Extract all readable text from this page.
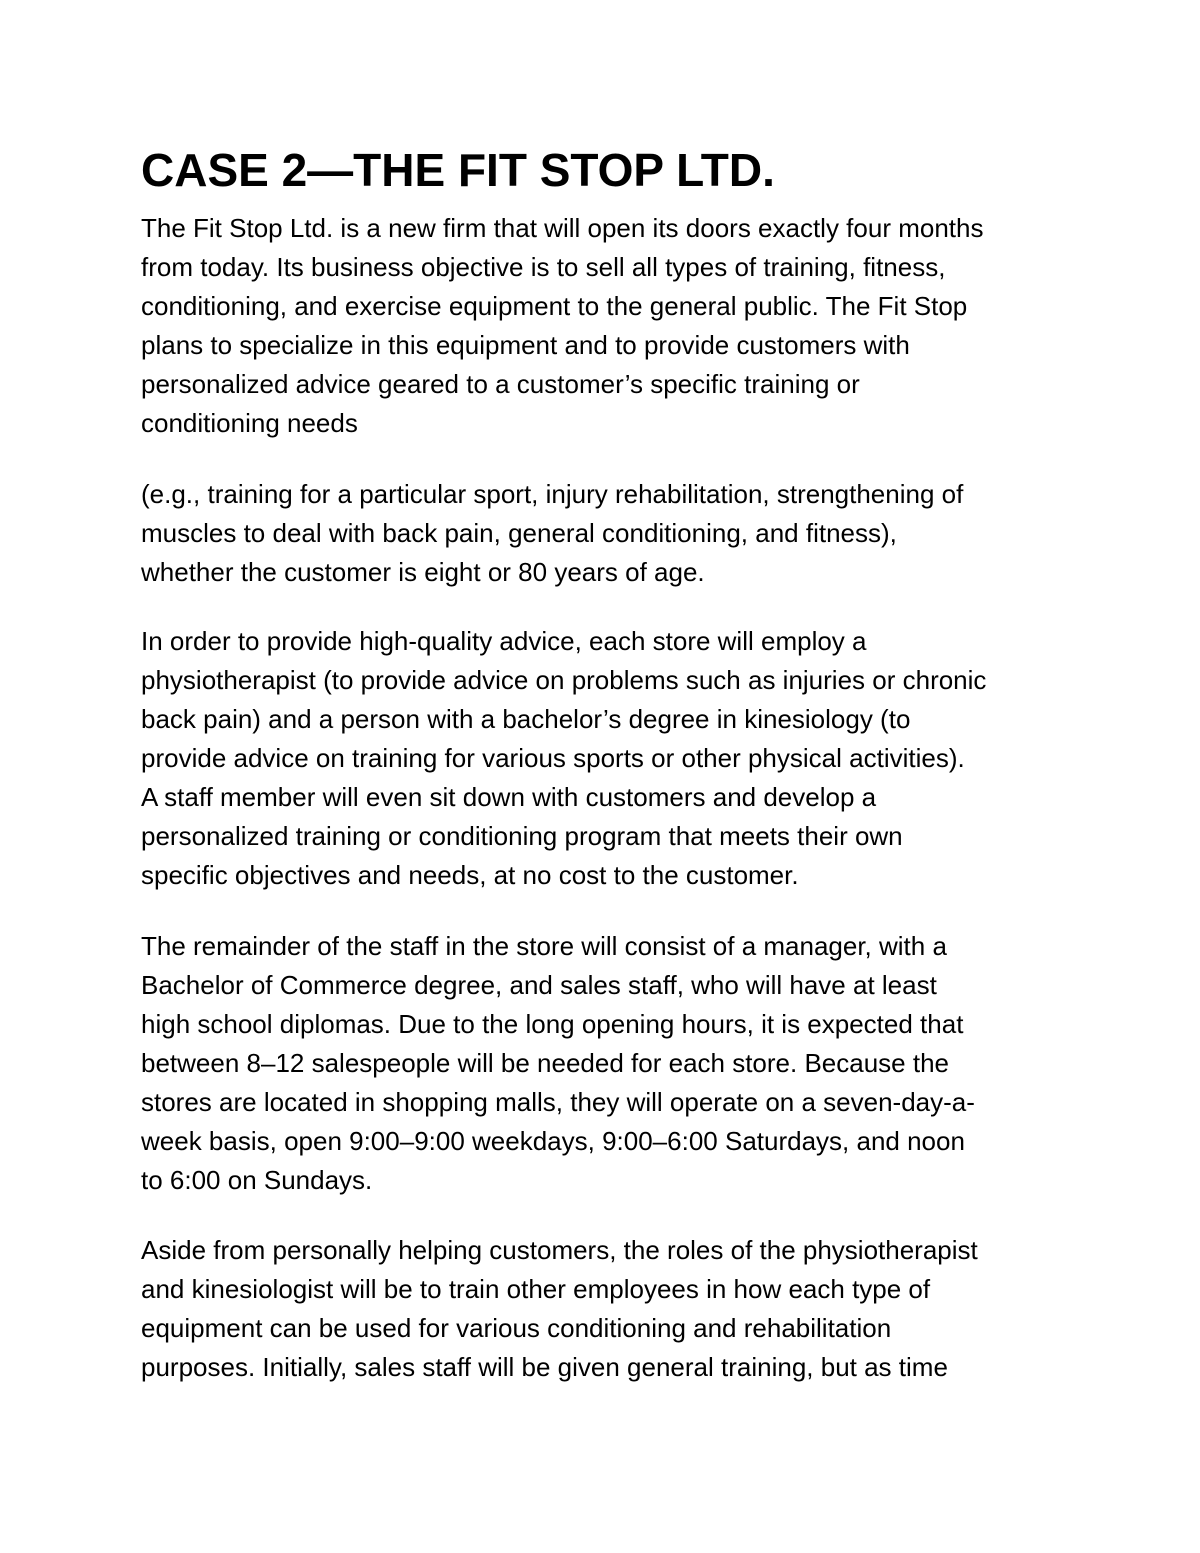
CASE 2—THE FIT STOP LTD.

The Fit Stop Ltd. is a new firm that will open its doors exactly four months
from today. Its business objective is to sell all types of training, fitness,
conditioning, and exercise equipment to the general public. The Fit Stop
plans to specialize in this equipment and to provide customers with
personalized advice geared to a customer’s specific training or
conditioning needs

(e.g., training for a particular sport, injury rehabilitation, strengthening of
muscles to deal with back pain, general conditioning, and fitness),
whether the customer is eight or 80 years of age.

In order to provide high-quality advice, each store will employ a
physiotherapist (to provide advice on problems such as injuries or chronic
back pain) and a person with a bachelor’s degree in kinesiology (to
provide advice on training for various sports or other physical activities).
A staff member will even sit down with customers and develop a
personalized training or conditioning program that meets their own
specific objectives and needs, at no cost to the customer.

The remainder of the staff in the store will consist of a manager, with a
Bachelor of Commerce degree, and sales staff, who will have at least
high school diplomas. Due to the long opening hours, it is expected that
between 8–12 salespeople will be needed for each store. Because the
stores are located in shopping malls, they will operate on a seven-day-a-
week basis, open 9:00–9:00 weekdays, 9:00–6:00 Saturdays, and noon
to 6:00 on Sundays.

Aside from personally helping customers, the roles of the physiotherapist
and kinesiologist will be to train other employees in how each type of
equipment can be used for various conditioning and rehabilitation
purposes. Initially, sales staff will be given general training, but as time
